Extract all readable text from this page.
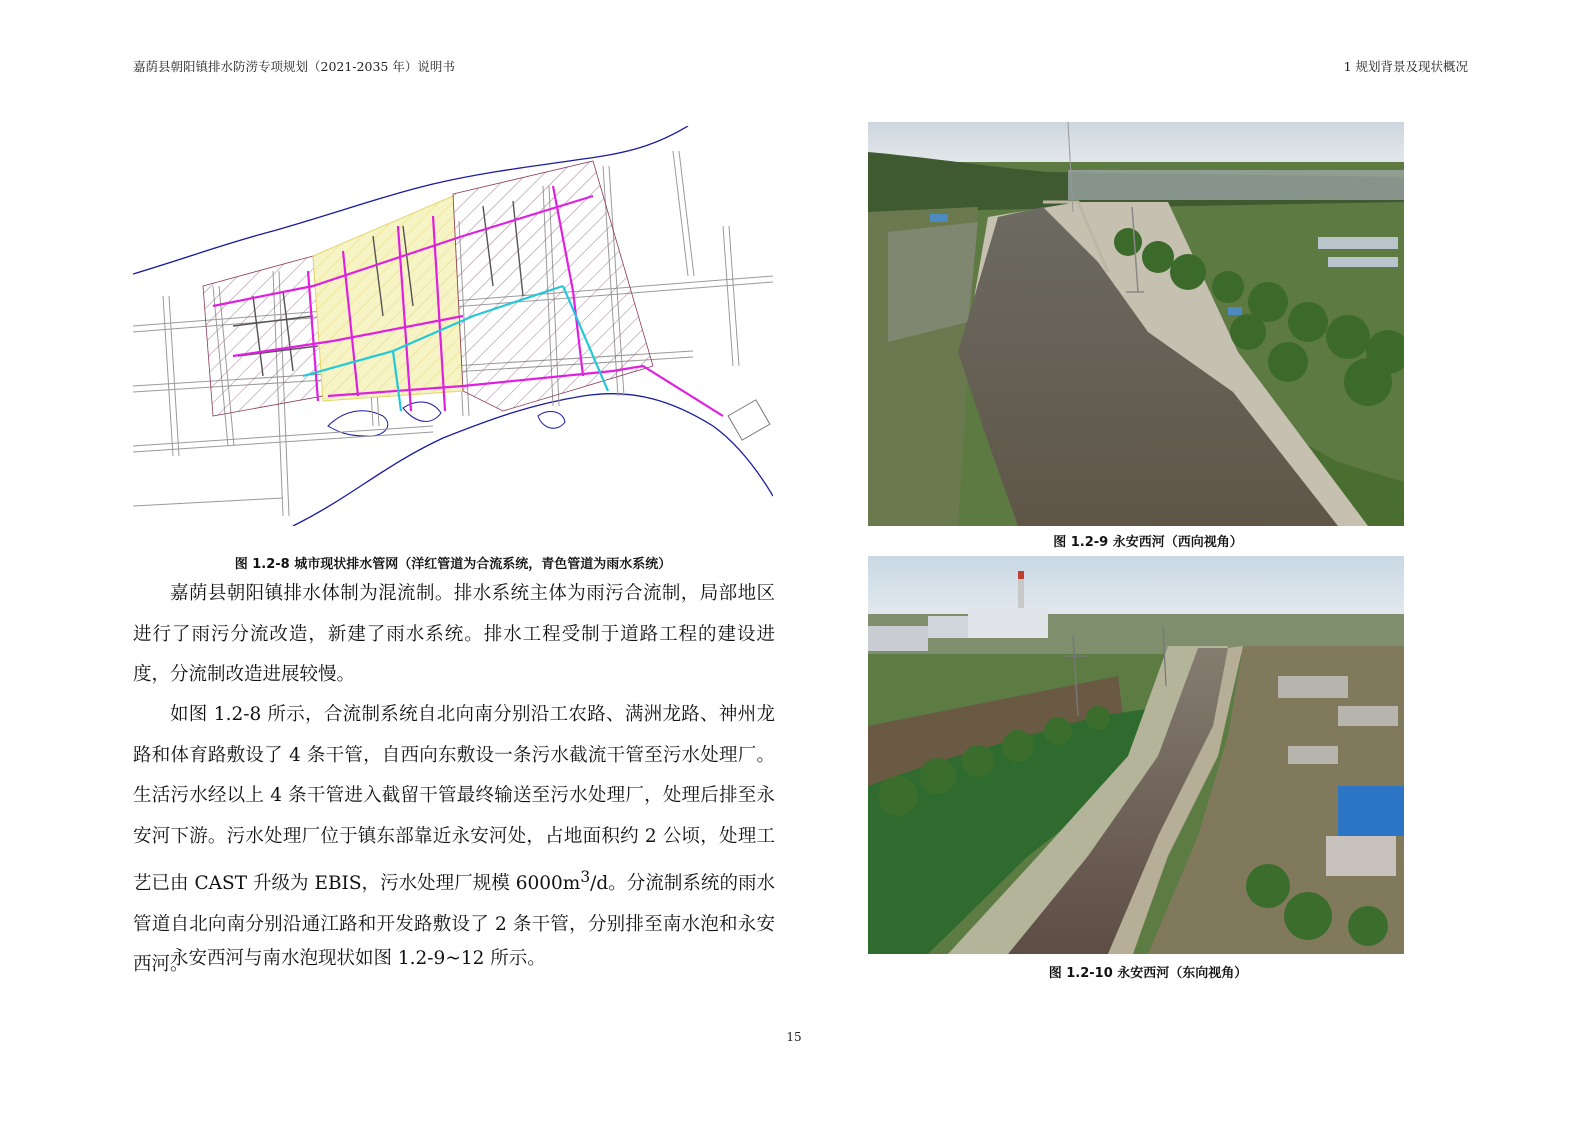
嘉荫县朝阳镇排水防涝专项规划（2021-2035 年）说明书	1 规划背景及现状概况
图 1.2-8 城市现状排水管网（洋红管道为合流系统，青色管道为雨水系统）

嘉荫县朝阳镇排水体制为混流制。排水系统主体为雨污合流制，局部地区进行了雨污分流改造，新建了雨水系统。排水工程受制于道路工程的建设进度，分流制改造进展较慢。

如图 1.2-8 所示，合流制系统自北向南分别沿工农路、满洲龙路、神州龙路和体育路敷设了 4 条干管，自西向东敷设一条污水截流干管至污水处理厂。生活污水经以上 4 条干管进入截留干管最终输送至污水处理厂，处理后排至永安河下游。污水处理厂位于镇东部靠近永安河处，占地面积约 2 公顷，处理工艺已由 CAST 升级为 EBIS，污水处理厂规模 $6000m^3/d$。分流制系统的雨水管道自北向南分别沿通江路和开发路敷设了 2 条干管，分别排至南水泡和永安西河。

永安西河与南水泡现状如图 1.2-9~12 所示。

图 1.2-9 永安西河（西向视角）
图 1.2-10 永安西河（东向视角）
15
